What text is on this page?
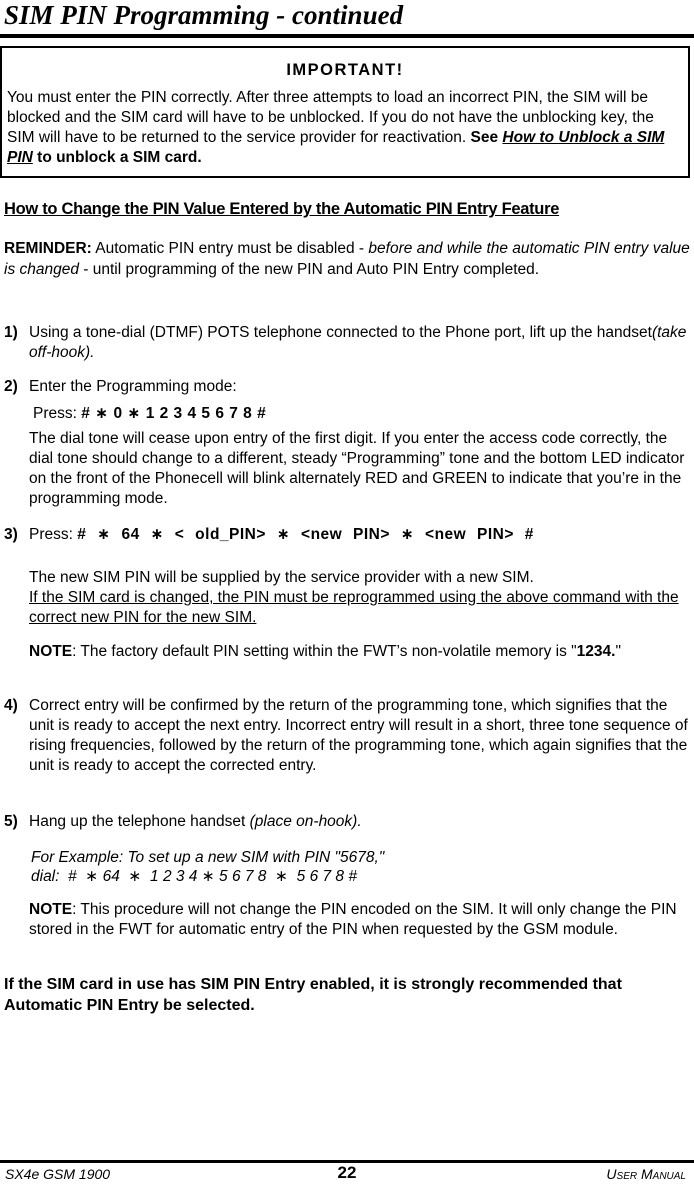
SIM PIN Programming - continued
IMPORTANT!
You must enter the PIN correctly. After three attempts to load an incorrect PIN, the SIM will be blocked and the SIM card will have to be unblocked. If you do not have the unblocking key, the SIM will have to be returned to the service provider for reactivation. See How to Unblock a SIM PIN to unblock a SIM card.
How to Change the PIN Value Entered by the Automatic PIN Entry Feature
REMINDER: Automatic PIN entry must be disabled - before and while the automatic PIN entry value is changed - until programming of the new PIN and Auto PIN Entry completed.
1) Using a tone-dial (DTMF) POTS telephone connected to the Phone port, lift up the handset(take off-hook).
2) Enter the Programming mode:
Press: # ∗ 0 ∗ 1 2 3 4 5 6 7 8 #
The dial tone will cease upon entry of the first digit. If you enter the access code correctly, the dial tone should change to a different, steady “Programming” tone and the bottom LED indicator on the front of the Phonecell will blink alternately RED and GREEN to indicate that you’re in the programming mode.
3) Press: # ∗ 64 ∗ < old_PIN> ∗ <new PIN> ∗ <new PIN> #
The new SIM PIN will be supplied by the service provider with a new SIM.
If the SIM card is changed, the PIN must be reprogrammed using the above command with the correct new PIN for the new SIM.
NOTE: The factory default PIN setting within the FWT’s non-volatile memory is "1234."
4) Correct entry will be confirmed by the return of the programming tone, which signifies that the unit is ready to accept the next entry. Incorrect entry will result in a short, three tone sequence of rising frequencies, followed by the return of the programming tone, which again signifies that the unit is ready to accept the corrected entry.
5) Hang up the telephone handset (place on-hook).
For Example: To set up a new SIM with PIN "5678,"
dial:  #  ∗ 64  ∗  1 2 3 4 ∗ 5 6 7 8  ∗  5 6 7 8 #
NOTE: This procedure will not change the PIN encoded on the SIM. It will only change the PIN stored in the FWT for automatic entry of the PIN when requested by the GSM module.
If the SIM card in use has SIM PIN Entry enabled, it is strongly recommended that Automatic PIN Entry be selected.
SX4e GSM 1900	22	User Manual
